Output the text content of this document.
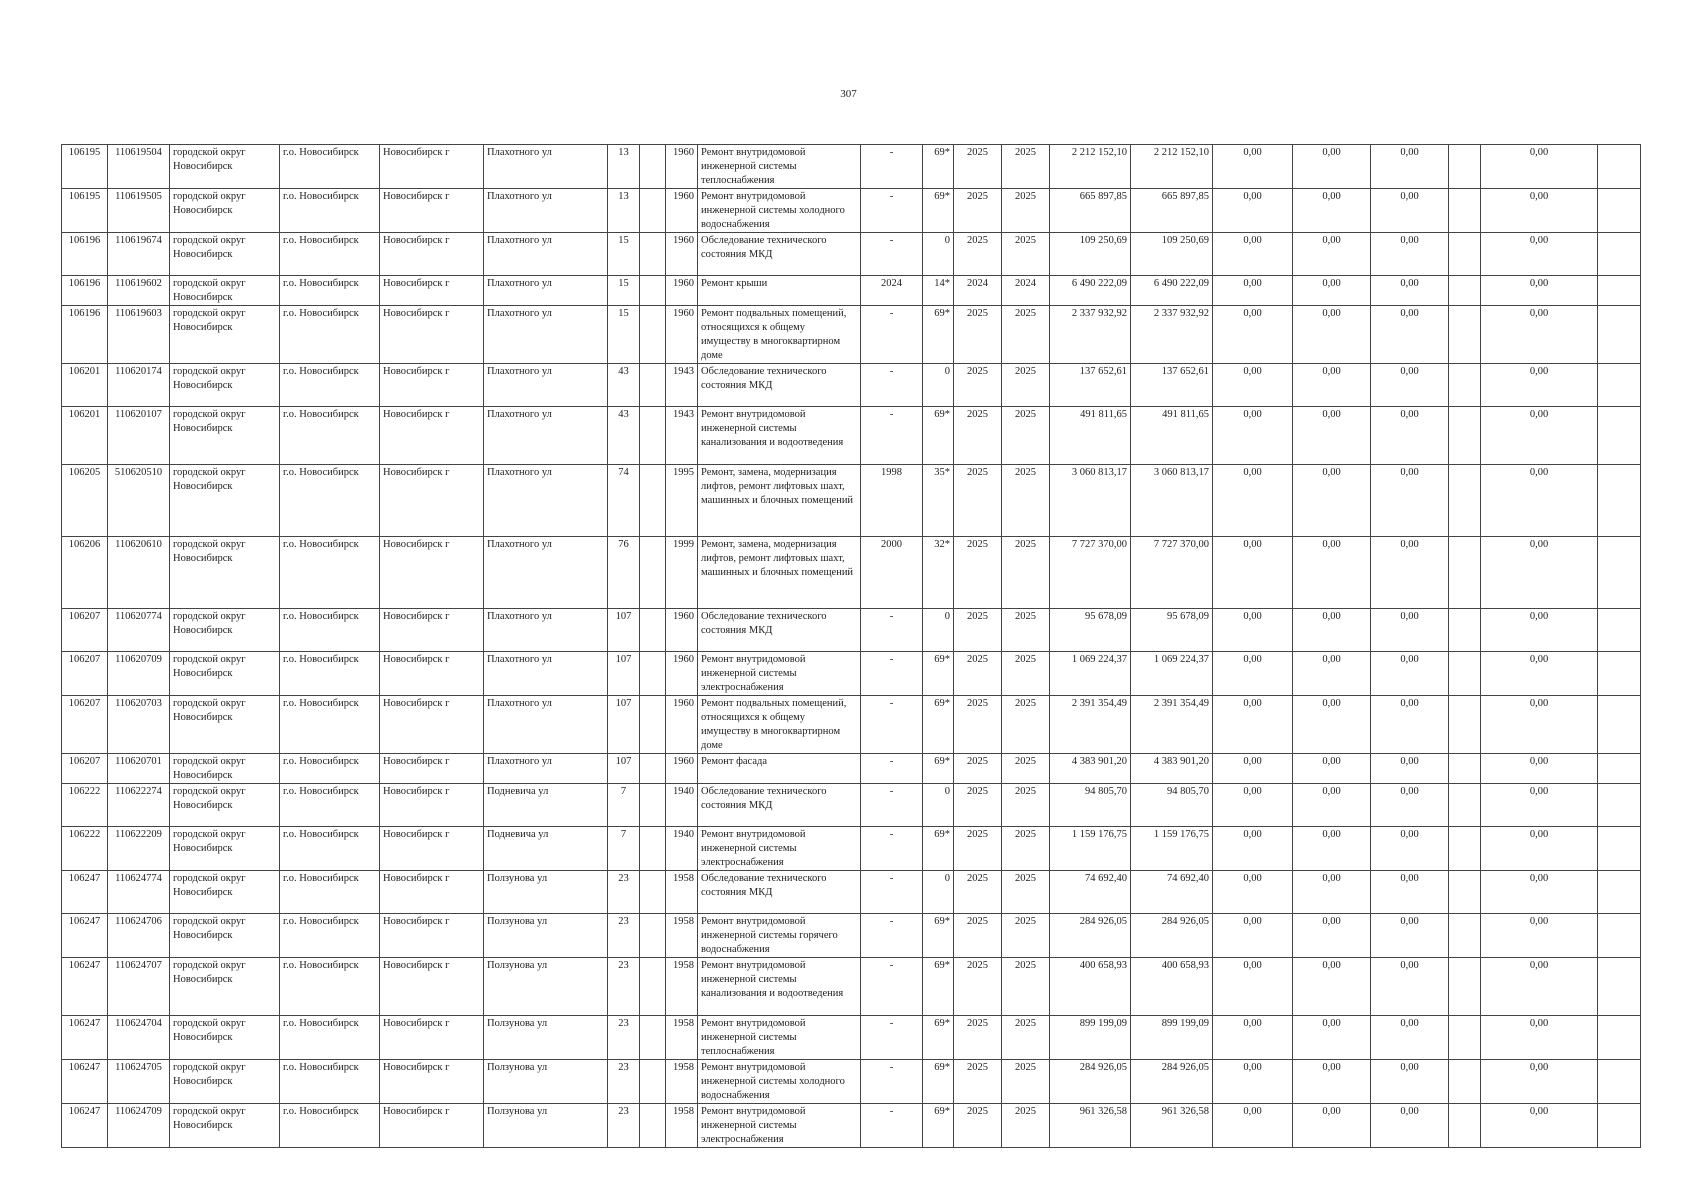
307
106195	110619504	городской округ Новосибирск	г.о. Новосибирск	Новосибирск г	Плахотного ул	13		1960	Ремонт внутридомовой инженерной системы теплоснабжения	-	69*	2025	2025	2 212 152,10	2 212 152,10	0,00	0,00	0,00		0,00	
106195	110619505	городской округ Новосибирск	г.о. Новосибирск	Новосибирск г	Плахотного ул	13		1960	Ремонт внутридомовой инженерной системы холодного водоснабжения	-	69*	2025	2025	665 897,85	665 897,85	0,00	0,00	0,00		0,00	
106196	110619674	городской округ Новосибирск	г.о. Новосибирск	Новосибирск г	Плахотного ул	15		1960	Обследование технического состояния МКД	-	0	2025	2025	109 250,69	109 250,69	0,00	0,00	0,00		0,00	
106196	110619602	городской округ Новосибирск	г.о. Новосибирск	Новосибирск г	Плахотного ул	15		1960	Ремонт крыши	2024	14*	2024	2024	6 490 222,09	6 490 222,09	0,00	0,00	0,00		0,00	
106196	110619603	городской округ Новосибирск	г.о. Новосибирск	Новосибирск г	Плахотного ул	15		1960	Ремонт подвальных помещений, относящихся к общему имуществу в многоквартирном доме	-	69*	2025	2025	2 337 932,92	2 337 932,92	0,00	0,00	0,00		0,00	
106201	110620174	городской округ Новосибирск	г.о. Новосибирск	Новосибирск г	Плахотного ул	43		1943	Обследование технического состояния МКД	-	0	2025	2025	137 652,61	137 652,61	0,00	0,00	0,00		0,00	
106201	110620107	городской округ Новосибирск	г.о. Новосибирск	Новосибирск г	Плахотного ул	43		1943	Ремонт внутридомовой инженерной системы канализования и водоотведения	-	69*	2025	2025	491 811,65	491 811,65	0,00	0,00	0,00		0,00	
106205	510620510	городской округ Новосибирск	г.о. Новосибирск	Новосибирск г	Плахотного ул	74		1995	Ремонт, замена, модернизация лифтов, ремонт лифтовых шахт, машинных и блочных помещений	1998	35*	2025	2025	3 060 813,17	3 060 813,17	0,00	0,00	0,00		0,00	
106206	110620610	городской округ Новосибирск	г.о. Новосибирск	Новосибирск г	Плахотного ул	76		1999	Ремонт, замена, модернизация лифтов, ремонт лифтовых шахт, машинных и блочных помещений	2000	32*	2025	2025	7 727 370,00	7 727 370,00	0,00	0,00	0,00		0,00	
106207	110620774	городской округ Новосибирск	г.о. Новосибирск	Новосибирск г	Плахотного ул	107		1960	Обследование технического состояния МКД	-	0	2025	2025	95 678,09	95 678,09	0,00	0,00	0,00		0,00	
106207	110620709	городской округ Новосибирск	г.о. Новосибирск	Новосибирск г	Плахотного ул	107		1960	Ремонт внутридомовой инженерной системы электроснабжения	-	69*	2025	2025	1 069 224,37	1 069 224,37	0,00	0,00	0,00		0,00	
106207	110620703	городской округ Новосибирск	г.о. Новосибирск	Новосибирск г	Плахотного ул	107		1960	Ремонт подвальных помещений, относящихся к общему имуществу в многоквартирном доме	-	69*	2025	2025	2 391 354,49	2 391 354,49	0,00	0,00	0,00		0,00	
106207	110620701	городской округ Новосибирск	г.о. Новосибирск	Новосибирск г	Плахотного ул	107		1960	Ремонт фасада	-	69*	2025	2025	4 383 901,20	4 383 901,20	0,00	0,00	0,00		0,00	
106222	110622274	городской округ Новосибирск	г.о. Новосибирск	Новосибирск г	Подневича ул	7		1940	Обследование технического состояния МКД	-	0	2025	2025	94 805,70	94 805,70	0,00	0,00	0,00		0,00	
106222	110622209	городской округ Новосибирск	г.о. Новосибирск	Новосибирск г	Подневича ул	7		1940	Ремонт внутридомовой инженерной системы электроснабжения	-	69*	2025	2025	1 159 176,75	1 159 176,75	0,00	0,00	0,00		0,00	
106247	110624774	городской округ Новосибирск	г.о. Новосибирск	Новосибирск г	Ползунова ул	23		1958	Обследование технического состояния МКД	-	0	2025	2025	74 692,40	74 692,40	0,00	0,00	0,00		0,00	
106247	110624706	городской округ Новосибирск	г.о. Новосибирск	Новосибирск г	Ползунова ул	23		1958	Ремонт внутридомовой инженерной системы горячего водоснабжения	-	69*	2025	2025	284 926,05	284 926,05	0,00	0,00	0,00		0,00	
106247	110624707	городской округ Новосибирск	г.о. Новосибирск	Новосибирск г	Ползунова ул	23		1958	Ремонт внутридомовой инженерной системы канализования и водоотведения	-	69*	2025	2025	400 658,93	400 658,93	0,00	0,00	0,00		0,00	
106247	110624704	городской округ Новосибирск	г.о. Новосибирск	Новосибирск г	Ползунова ул	23		1958	Ремонт внутридомовой инженерной системы теплоснабжения	-	69*	2025	2025	899 199,09	899 199,09	0,00	0,00	0,00		0,00	
106247	110624705	городской округ Новосибирск	г.о. Новосибирск	Новосибирск г	Ползунова ул	23		1958	Ремонт внутридомовой инженерной системы холодного водоснабжения	-	69*	2025	2025	284 926,05	284 926,05	0,00	0,00	0,00		0,00	
106247	110624709	городской округ Новосибирск	г.о. Новосибирск	Новосибирск г	Ползунова ул	23		1958	Ремонт внутридомовой инженерной системы электроснабжения	-	69*	2025	2025	961 326,58	961 326,58	0,00	0,00	0,00		0,00	
